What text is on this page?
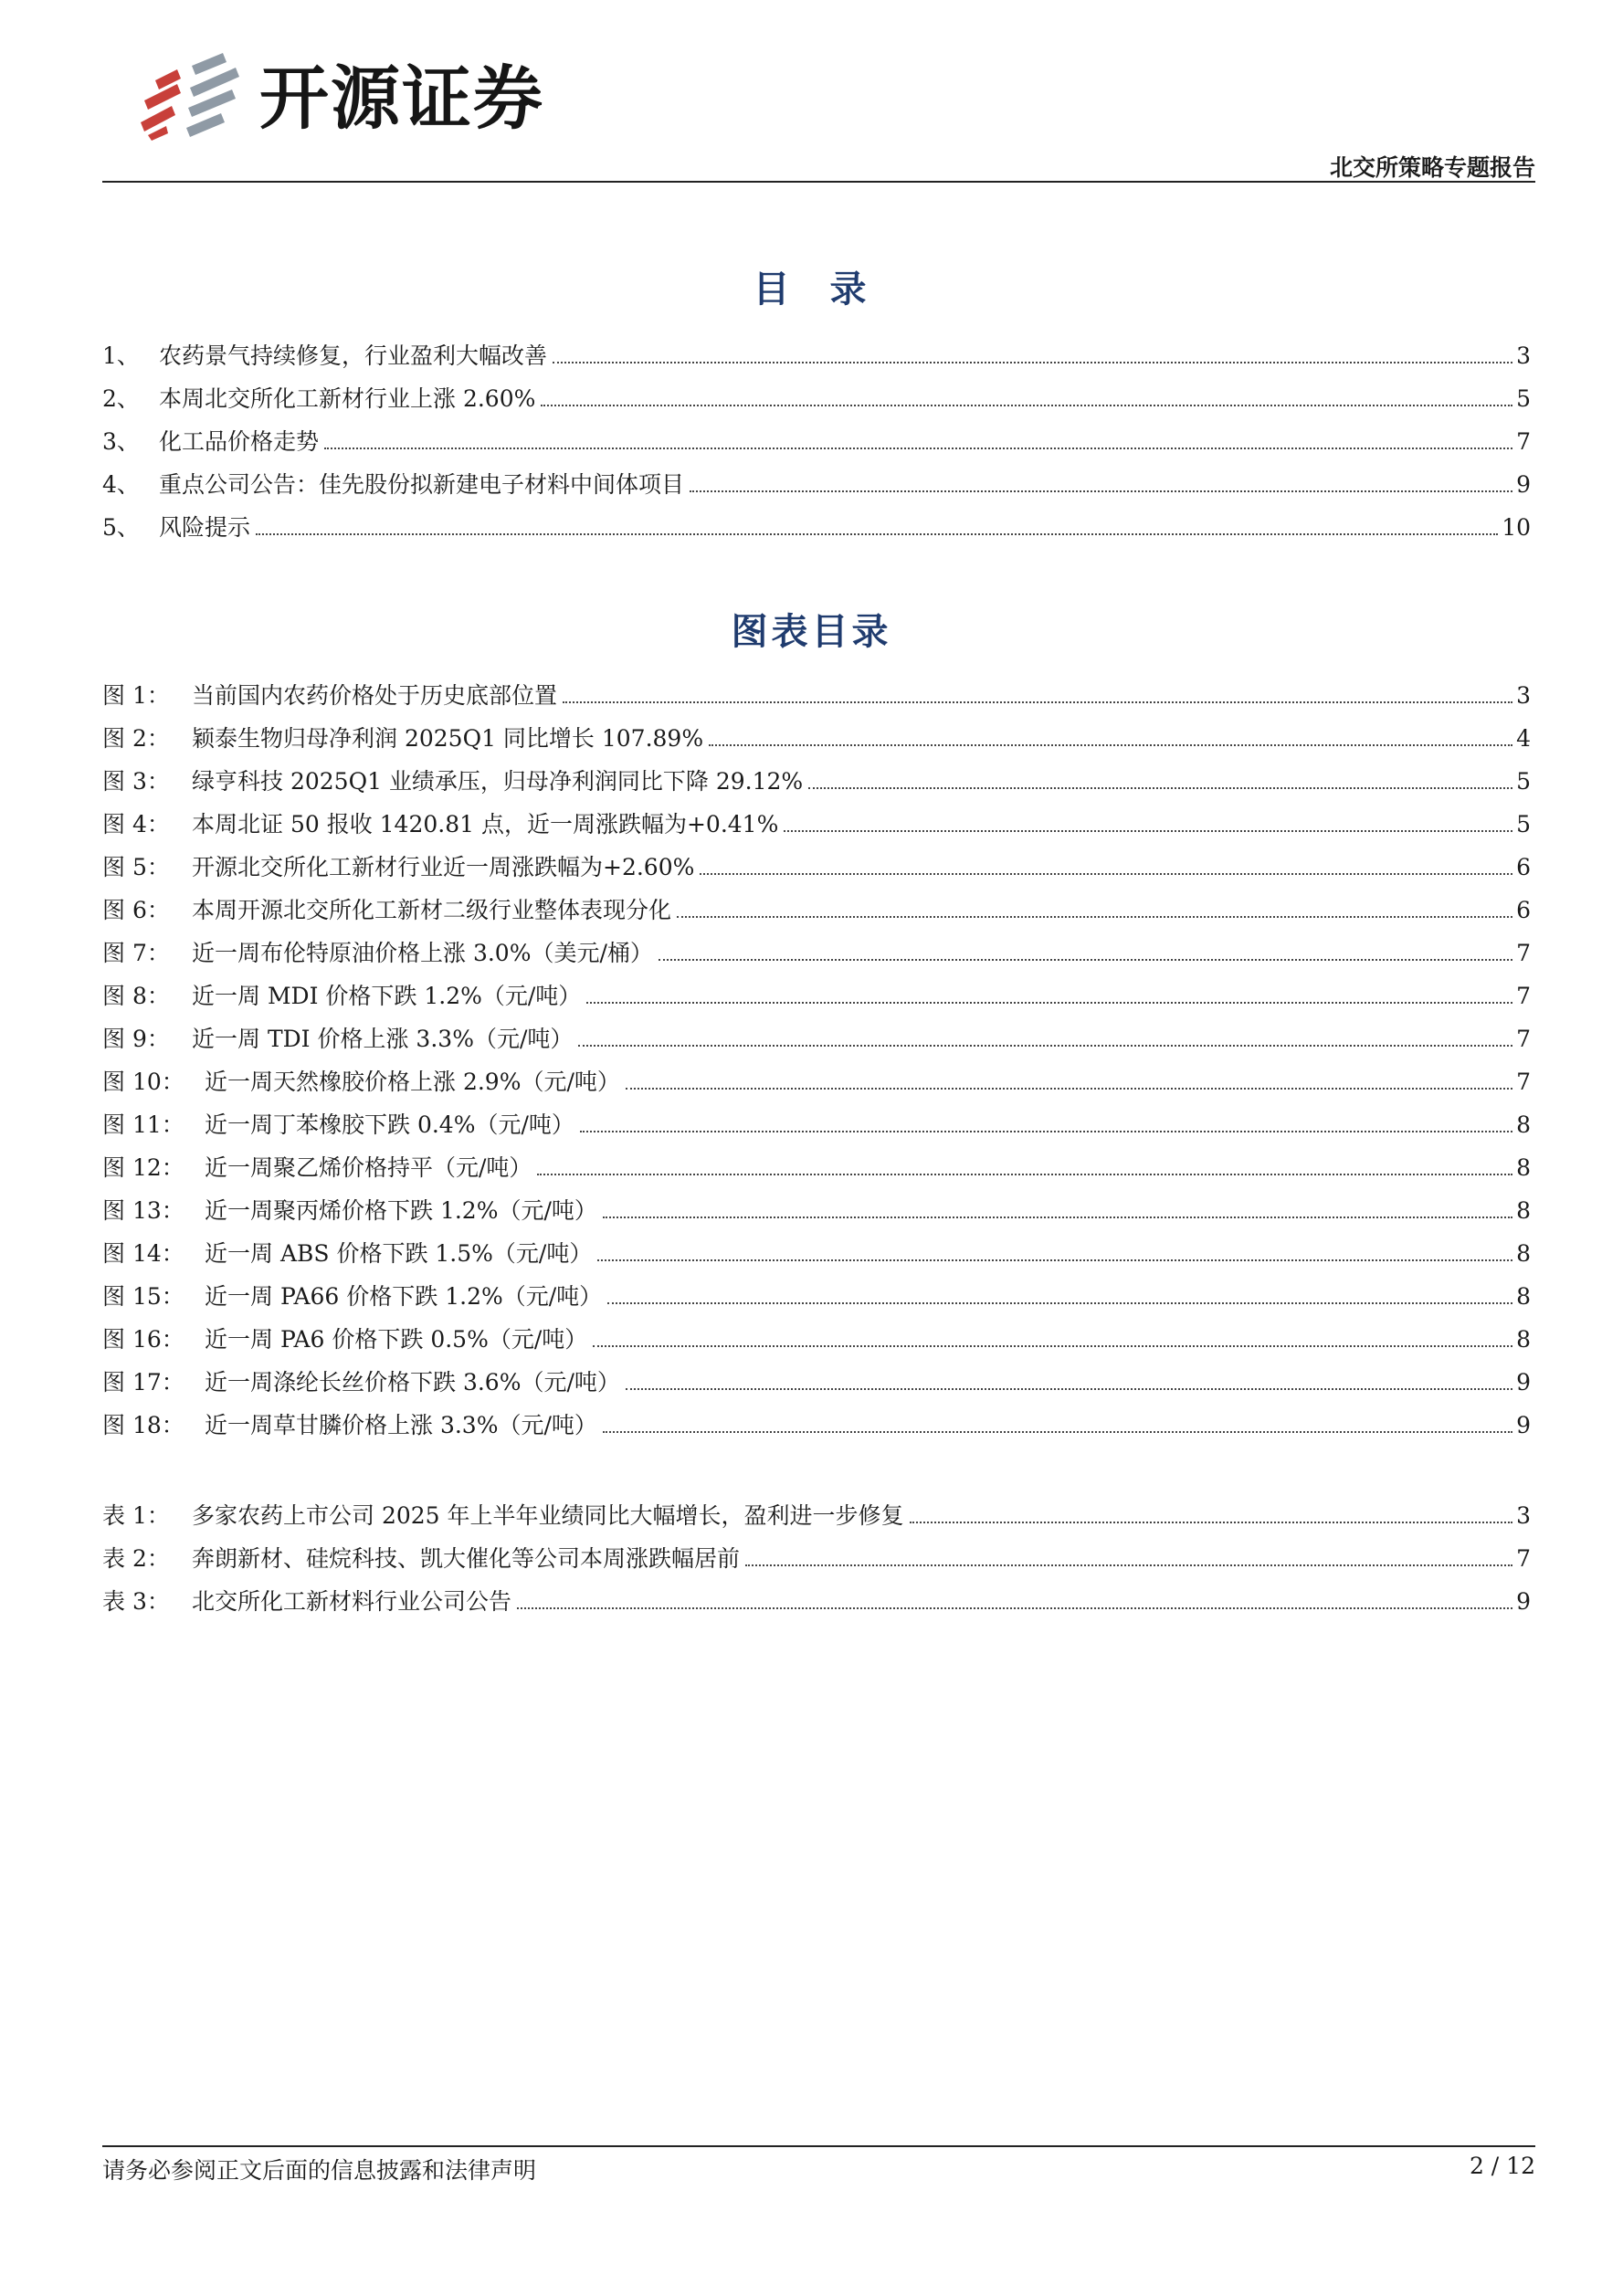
开源证券
北交所策略专题报告
目 录
1、 农药景气持续修复，行业盈利大幅改善	3
2、 本周北交所化工新材行业上涨 2.60%	5
3、 化工品价格走势	7
4、 重点公司公告：佳先股份拟新建电子材料中间体项目	9
5、 风险提示	10
图表目录
图 1： 当前国内农药价格处于历史底部位置	3
图 2： 颖泰生物归母净利润 2025Q1 同比增长 107.89%	4
图 3： 绿亨科技 2025Q1 业绩承压，归母净利润同比下降 29.12%	5
图 4： 本周北证 50 报收 1420.81 点，近一周涨跌幅为+0.41%	5
图 5： 开源北交所化工新材行业近一周涨跌幅为+2.60%	6
图 6： 本周开源北交所化工新材二级行业整体表现分化	6
图 7： 近一周布伦特原油价格上涨 3.0%（美元/桶）	7
图 8： 近一周 MDI 价格下跌 1.2%（元/吨）	7
图 9： 近一周 TDI 价格上涨 3.3%（元/吨）	7
图 10： 近一周天然橡胶价格上涨 2.9%（元/吨）	7
图 11： 近一周丁苯橡胶下跌 0.4%（元/吨）	8
图 12： 近一周聚乙烯价格持平（元/吨）	8
图 13： 近一周聚丙烯价格下跌 1.2%（元/吨）	8
图 14： 近一周 ABS 价格下跌 1.5%（元/吨）	8
图 15： 近一周 PA66 价格下跌 1.2%（元/吨）	8
图 16： 近一周 PA6 价格下跌 0.5%（元/吨）	8
图 17： 近一周涤纶长丝价格下跌 3.6%（元/吨）	9
图 18： 近一周草甘膦价格上涨 3.3%（元/吨）	9
表 1： 多家农药上市公司 2025 年上半年业绩同比大幅增长，盈利进一步修复	3
表 2： 奔朗新材、硅烷科技、凯大催化等公司本周涨跌幅居前	7
表 3： 北交所化工新材料行业公司公告	9
请务必参阅正文后面的信息披露和法律声明	2 / 12
